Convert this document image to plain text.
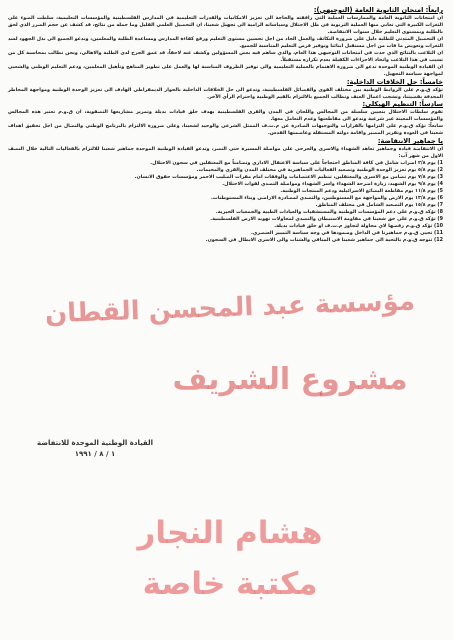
رابعاً: امتحان الثانوية العامة (التوجيهي):

ان امتحانات الثانوية العامة والممارسات العملية التي رافقته والحاجة الى تعزيز الامكانيات والقدرات التعليمية في المدارس الفلسطينية والمؤسسات التعليمية، سلطت الضوء على الثغرات الكبيرة التي تعاني منها العملية التربوية في ظل الاحتلال وسياساته الرامية الى تجهيل شعبنا، ان التحصيل العلمي القليل وما حمله من نتائج، قد كشف عن حجم الضرر الذي لحق بالطلبة وبمستوى التعليم خلال سنوات الانتفاضة.

ان التحصيل المتدني للطلبة دليل على ضرورة التكاتف والعمل الجاد من اجل تحسين مستوى التعليم ورفع كفاءة المدارس ومساعدة الطلبة والمعلمين، وندعو الجميع الى بذل الجهود لسد الثغرات وتعويض ما فات من اجل مستقبل ابنائنا وتوفير فرص التعليم المناسبة للجميع.

ان التلاعب بالنتائج الذي حدث في امتحانات التوجيهي هذا العام، والذي ساهم فيه بعض المسؤولين وكشف عنه لاحقاً، قد عمق الجرح لدى الطلبة والاهالي، ونحن نطالب بمحاسبة كل من تسبب في هذا التلاعب واتخاذ الاجراءات الكفيلة بعدم تكراره مستقبلاً.

ان القيادة الوطنية الموحدة تدعو الى ضرورة الاهتمام بالعملية التعليمية والى توفير الظروف المناسبة لها والعمل على تطوير المناهج وتأهيل المعلمين، ودعم التعليم الوطني والشعبي لمواجهة سياسة التجهيل.

خامساً: حل الخلافات الداخلية:

تؤكد ق.و.م على الروابط الوطنية بين مختلف القوى والفصائل الفلسطينية، وتدعو الى حل الخلافات الداخلية بالحوار الديمقراطي الهادف الى تعزيز الوحدة الوطنية ومواجهة المخاطر المحدقة بقضيتنا، وتشجب اعمال العنف وتطالب الجميع بالالتزام بالقيم الوطنية واحترام الرأي الآخر.

سادساً: التنظيم الهيكلي:

تقوم سلطات الاحتلال بتعيين سلسلة من المجالس واللجان في المدن والقرى الفلسطينية بهدف خلق قيادات بديلة وتمرير مشاريعها التصفوية، ان ق.و.م تعتبر هذه المجالس والمؤسسات المعينة غير شرعية وتدعو الى مقاطعتها وعدم التعامل معها.

سابعاً: تؤكد ق.و.م على التزامها بالقرارات والتوجيهات الصادرة عن م.ت.ف الممثل الشرعي والوحيد لشعبنا، وعلى ضرورة الالتزام بالبرنامج الوطني والنضال من اجل تحقيق اهداف شعبنا في العودة وتقرير المصير واقامة دولته المستقلة وعاصمتها القدس.

يا جماهير الانتفاضة:

ان الانتفاضة قيادة وجماهير تعاهد الشهداء والاسرى والجرحى على مواصلة المسيرة حتى النصر، وتدعو القيادة الوطنية الموحدة جماهير شعبنا للالتزام بالفعاليات التالية خلال النصف الاول من شهر آب:

1) يوم ٢/٨ اضراب شامل في كافة المناطق احتجاجاً على سياسة الاعتقال الاداري وتضامناً مع المعتقلين في سجون الاحتلال.

2) يوم ٥/٨ يوم تعزيز الوحدة الوطنية وتصعيد الفعاليات الجماهيرية في مختلف المدن والقرى والمخيمات.

3) يوم ٧/٨ يوم تضامن مع الاسرى والمعتقلين، تنظيم الاعتصامات والوقفات امام مقرات الصليب الاحمر ومؤسسات حقوق الانسان.

4) يوم ٩/٨ يوم الشهيد، زيارة اضرحة الشهداء واسر الشهداء ومواصلة التصدي لقوات الاحتلال.

5) يوم ١١/٨ يوم مقاطعة البضائع الاسرائيلية ودعم المنتجات الوطنية.

6) يوم ١٣/٨ يوم الارض والمواجهة مع المستوطنين، والتصدي لمصادرة الاراضي وبناء المستوطنات.

7) يوم ١٥/٨ يوم التصعيد الشامل في مختلف المناطق.

8) تؤكد ق.و.م على دعم المؤسسات الوطنية والمستشفيات والعيادات الطبية والجمعيات الخيرية.

9) تؤكد ق.و.م على حق شعبنا في مقاومة الاستيطان والتصدي لمحاولات تهويد الارض الفلسطينية.

10) تؤكد ق.و.م رفضها لاي محاولة لتجاوز م.ت.ف او خلق قيادات بديلة.

11) تحيي ق.و.م جماهيرنا في الداخل وصمودها في وجه سياسة التمييز العنصري.

12) تتوجه ق.و.م بالتحية الى جماهير شعبنا في المنافي والشتات والى الاسرى الابطال في السجون.

القيادة الوطنية الموحدة للانتفاضة
١ / ٨ / ١٩٩١
مؤسسة عبد المحسن القطان
مشروع الشريف
هشام النجار
مكتبة خاصة
